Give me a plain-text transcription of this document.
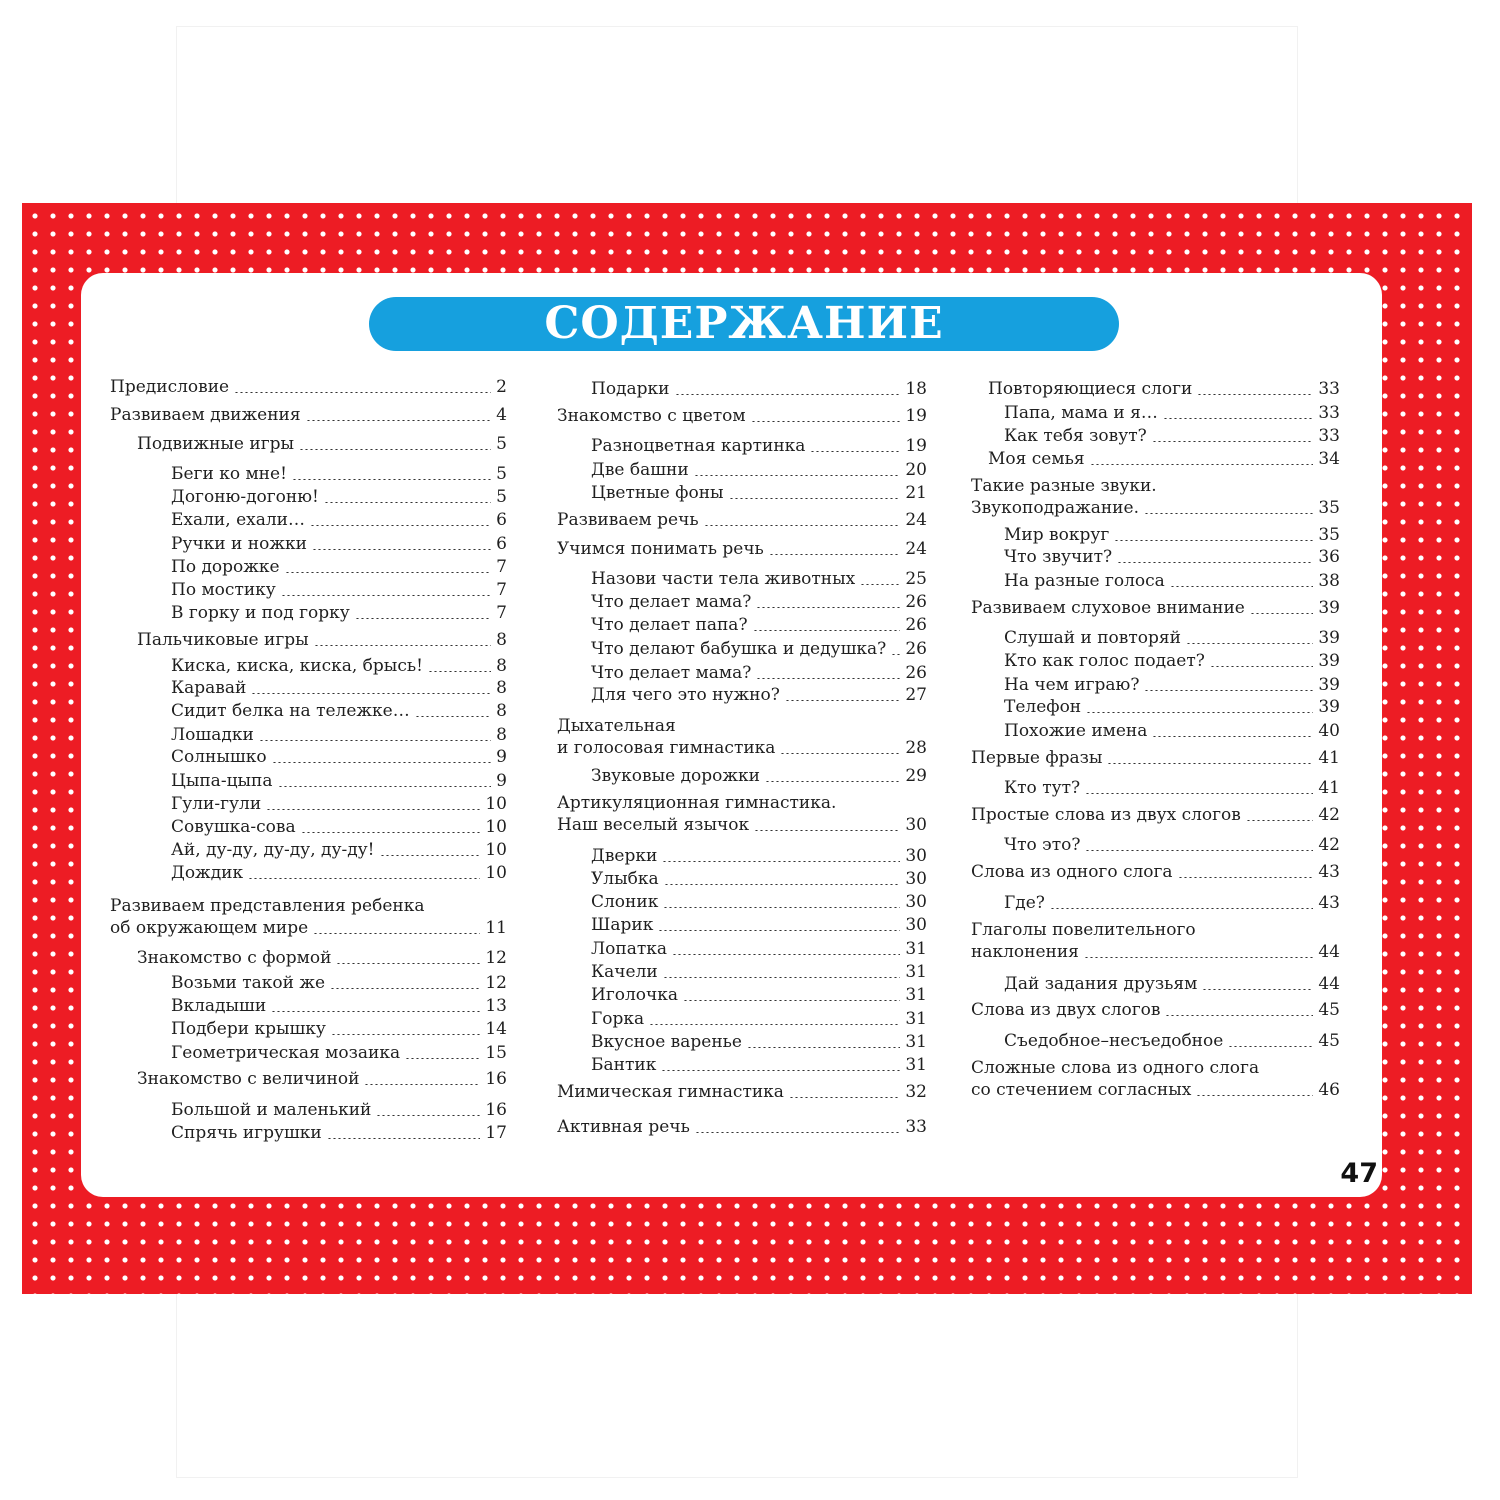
СОДЕРЖАНИЕ
Предисловие	2
Развиваем движения	4
Подвижные игры	5
Беги ко мне!	5
Догоню-догоню!	5
Ехали, ехали…	6
Ручки и ножки	6
По дорожке	7
По мостику	7
В горку и под горку	7
Пальчиковые игры	8
Киска, киска, киска, брысь!	8
Каравай	8
Сидит белка на тележке…	8
Лошадки	8
Солнышко	9
Цыпа-цыпа	9
Гули-гули	10
Совушка-сова	10
Ай, ду-ду, ду-ду, ду-ду!	10
Дождик	10
Развиваем представления ребенка
об окружающем мире	11
Знакомство с формой	12
Возьми такой же	12
Вкладыши	13
Подбери крышку	14
Геометрическая мозаика	15
Знакомство с величиной	16
Большой и маленький	16
Спрячь игрушки	17
Подарки	18
Знакомство с цветом	19
Разноцветная картинка	19
Две башни	20
Цветные фоны	21
Развиваем речь	24
Учимся понимать речь	24
Назови части тела животных	25
Что делает мама?	26
Что делает папа?	26
Что делают бабушка и дедушка? 26
Что делает мама?	26
Для чего это нужно?	27
Дыхательная
и голосовая гимнастика	28
Звуковые дорожки	29
Артикуляционная гимнастика.
Наш веселый язычок	30
Дверки	30
Улыбка	30
Слоник	30
Шарик	30
Лопатка	31
Качели	31
Иголочка	31
Горка	31
Вкусное варенье	31
Бантик	31
Мимическая гимнастика	32
Активная речь	33
Повторяющиеся слоги	33
Папа, мама и я…	33
Как тебя зовут?	33
Моя семья	34
Такие разные звуки.
Звукоподражание.	35
Мир вокруг	35
Что звучит?	36
На разные голоса	38
Развиваем слуховое внимание	39
Слушай и повторяй	39
Кто как голос подает?	39
На чем играю?	39
Телефон	39
Похожие имена	40
Первые фразы	41
Кто тут?	41
Простые слова из двух слогов	42
Что это?	42
Слова из одного слога	43
Где?	43
Глаголы повелительного
наклонения	44
Дай задания друзьям	44
Слова из двух слогов	45
Съедобное–несъедобное	45
Сложные слова из одного слога
со стечением согласных	46
47
